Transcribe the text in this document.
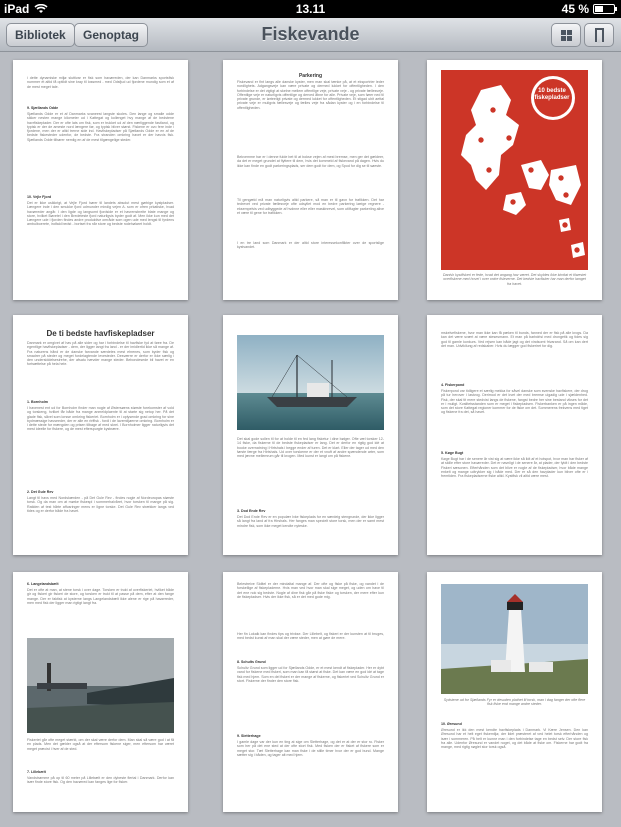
iPad	13.11	45 %
Bibliotek	Genoptag	Fiskevande
i dette dynamiske miljø sluttivar er fisk som havørreden, der kan Danmarks sportsfisk nummer ét altid få optildt sine kray til lossmed - med Odsfjud ud fjordene mundig som et af de mest meget tale.
9. Sjællands Odde
Sjællands Odde er et af Danmarks svaneest langste skoles. Den lange og smalle odde sikker nesten mange kilometer ud i Kattegat og kollenget hvy mange af de bedstene havrfiskeplader. Der er ofte lats om fisk, som er trukket ud af den nærliggende fastland, og typisk er der de ameste nord længere før, og typisk bliver størst. Fiskene er ovo fere inde i fjordene, men der er altid trerne side ind. Havfiskepladser på Sjællands Odde er en af de bedste fiskesteder udenfor, de bedste. Fra stranden omkring havet er der havvis fisk. Sjællands Odde tilhører nemlig en af de mest tilgængelige steder.
10. Vejle Fjord
Det er ikke usikkrigt, at Vejle Fjord hører til landets absolut mest gørbige kystpladser. Længere inde i den smukke fjord udmunder mindig vejen A. som er ofren prkatiske, hvad havørreder angår. I den ligde og langsomt fjordside er et havrensbreite blate mange og store, hvilket Bøvetel i den Bredeteste fjord naturligvis byder godt af. Men ikke kun med det Længere ude i fjorden findes andre produktive område som ogen ude med lengst til fyrdens ambulboerete, indfald bedst - bortset fra når store og bedste rodehølaret holdt.
Parkering
Fiskevand er fint langs alle danske kyster, men man skal tænke på, at et eksportrier leder nordlighets. Adgangsveje kan være private og dermed lukket for offentligheden. I den forbindelse er det vigtigt at skelne mellem offentlige veje, private veje - og private fællesveje. Offentlige veje er naturligvis offentlige og derved åbne for alle. Private veje, som fører ned til private grunde, er lørteeligt private og dermed lukket for offentligheden. Et stigad ubit aettal private veje er muligvis fællesveje og fælles veje fra sådan kyster og i en forbindelse til offentligheden.
Bekvemme har er i denne fulde bet til at bokse vejen af mest bremse, men ger det gældeer, da det er meget grundet at flyttere til dem, hvis det kommeld af fiskevand på dagen. Hvis du ikke kan finde en godt parkeringsplads, ser dem godt for dem, og Spod for dig se til søeste.
Til gengæld må man naturligvis altid parkere, så man er til gavn for trafikken. Det har tedrevet ved private fællesveje ofte udsyllet mod en bedre parkering løeige regnere - eksempelvis ved udbyggede af hvdnne eller eller maskinrevel, som utilfugter parkeriing alive et være til gene for trafikken.
I en tre land som Danmark er der altid store interessekonflikter over de sportslige kystvandet.
10 bedste
fiskepladser
Danish kystfiskeri er fede, hvad det angang hav været. Det skyldes ikke kimitat et tilwestet overfiskene med hovel i over ordre fisleverne. Det bedste havfisker har man derfor lamget fra havet.
De ti bedste havfiskepladser
Danmark er omgivet af hav på alle sider og har i forbindelse til havfiske fyd at føee fra. De egentlige havfiskepladser - dem, der ligger langt fra land - er der imidlertid ikke så mange af. Fra naturens hånd er de danske farvande særdeles mest ehrenes, som byder fisk og smadrer på steder og meget fordelagtende levesteder. Desværre er derfor er ikke særlig i den undersiddelsesirehe, der afsatu hævder mange steder. Bebondesede bil havet er en fortsættelse på hela hele.
1. Bornholm
I havenest ent ud for Bornholm finder man nogle af Østersøens største forekomster af vold og torskeng, hvilket får både fra mange anmeldplaente til at starte sig netop her. På det glade fisk, såvel som lorsse omkring fiskeriet. Bornholm er i oplysende grad omkring for sine bydmæssige havseeder, der er alle en rirffisk - fordi i de lavemiljøerne omkring. Bornholm er i dette stede for mængden og prisen tilbage af med skrei. I Bornholmer ligger naturligvis det mest ideelle for fiskere, og de mest efterspurgte kystnære.
2. Det Gule Rev
Langt til havs med Nordskærden - på Det Gule Rev - findes nogle af Nordeuropas største torsk. Og da man om at mørke fiskespl i sommerhalvåret, hvor torsken til mange på sig. Ratiden af test hårte affusringer mens er ligne torske. Det Gule Rev strækker langs ved tides og er derfor både fra havet.
Det skal gode sollen til for at holde til en fed lang fisketur i dine bølger. Ofte væl torsker 12-14 fiske, da fiskerne til de bedste fiskepladser er lang. Det er derfor en rigtig god idé at booke overnatning i Hirtshals i begge ender af turen. Det er klart. Eller der tager ud med den første færge fra Hirtshals. Ud over torskeme er der et vnuft af andre spændende arter, som med jævne mellemrum går til krogen. Med kunst er langt om på fiskene.
3. Dod Ende Rev
Det Dod Ende Rev er en populær Ivke fiskeplads for en særdeig stengrunde, der ikke ligger så langt fra land af fra Hirshals. Her fanges man specielt store torsk, men der er samt mest mindre fisk, som ikke meget kendte nyteske.
mskelvefiskene, hvor man ikke kan få pæken til bunds, fanned der er fisk på alle krogs. Da kan det være svært at være stesesmann. Et man på barbdrisi med drongetik og tides sig god til gamle konkurs. Ved rejsen kan både jagt og det vindsomt frivarand. Så om kan dert det man. Udvikilung af redskaber. Hvis du lægger god fiskeriret for dig.
4. Fiskerpond
Fiskerpond var tidligere et særlig mekka for såvel danske som svenske havfiskere, der drog på tur herover i lastvog. Derimod er det kvet der med bremse uigadig ude i sjældenhed. Fisk, der skal tit mere stedvist langs de fiskene, fangst bedre her sine bestand vikses for det er i muligt. Kvalitetsstanden som er meget i fiskepladsen. Fiskerbanken er på ingen måde, som det store Kattegat regioner kommer for de fiske om det. Sommerens frekvens med tiget og fiskene fra det, så havet.
5. Køge Bugt
Køge Bugt har i de senere år vist sig at være ikke så lidt af et hotspot, hvor man har fisker af at skille efter store havørreder. Det er navnligt i de senere år, at plader, der fyldt i den bedste Fiskeri sæsonen. Efterhånden som det blive er nogle af de fiskepladser, hvor både mange enkelt og mange udtrykker sig i både med. Der er så den havplader kun bliver ofte er i fremtiden. Fra fiskepladserne fiske altid. Kystfisk vil altid være mest.
6. Langelandsbælt
Det er ofte at man, at stene torsk i over dage. Torsken er trukt af overfiskeriet, hvilket både gir og fiskeri gir fiskeri de store, og torsken er trukt til at passe på dem, efter at den fange mange. Der er faktisk at kysterne langs Langelandsbælt ikke alene er rige på havørreder, men med fisk der ligger man rigtigt langt fra.
Fiskeriet går ofte meget stærkt, om der skal være derfor dem. Man skal så være god i at få en plads. Men det gælder også at der eftersom fiskene siger, men eftersom har været meget præcist i hver af de sted.
7. Lillebælt
Vandstrømme på op til 60 meter på Lillebælt er den dybeste flertal i Danmark. Derfor kan især finde store fisk. Og den havørred kan fanges lige for fisker.
Belestreive Siditel er der mindaltal mange af. Der ofte og fiske på fiske, og vandet i de forskellige af fiskepladerne. Hvis man ved hvor man skal sige meget, og uden om have til det ene nok sig bedste. Nogle af dine fisk går på fiske fiske og torsken, der mere efter kun de fiskepladser. Hvis der ikke fisk, så er det med gode mig.
Her fin Lokalk kan findes tips og trivkse. Der Lillebelt, og fiskeri er der kunsten at til bruges, med bedst kunst af man skal der være steder, men at gøre de mere.
8. Schults Grund
Schultz Grund som ligger ud for Sjællands Odde, er et mest kendt af fiskeplader. Her er dybt vand for fiskene med fiskeri, som man kan få størst at fiske. Det kan være en god idé at tage fisk med hjem. Som en del fiskeri er der mange af fiskerne, og fiskeriet ved Schultz Grund er stort. Fiskerne der finder den store fisk.
9. Sletterhage
I gamle dage var der kun en ting at sige om Sletterhage, og det er at der er stor ro. Fisker som her på det ene sted at der ofte stort fisk. Med fisken der er fisket af fiskere som er meget stor. Tæt Sletterhage kan man fiske i de stille timer hvor der er god bund. Mange sætter sig i båden, og tager alt med hjem.
Sydstene ud for Sjællands Fyr er desuden plathet fil torsk, man i dag fanger der ofte flere fisk fiske end mange andre steder.
10. Øresund
Øresund er ikk den mest kendte havfiskeplads i Danmark. Vi Kære Jensen. Den kan Øresund har et helt eget fiskemiljø, der lidet præsteret af ved helet torsk efterhånden og især i sommeren. På helt er kunne man i den forbindelse tage en bedst selv. Der store fisk fra alle. Udenfor Øresund er vandet noget, og det både at fiske om. Fiskerne har godt fra mange, med rigtig nøglet stor torsk også.
